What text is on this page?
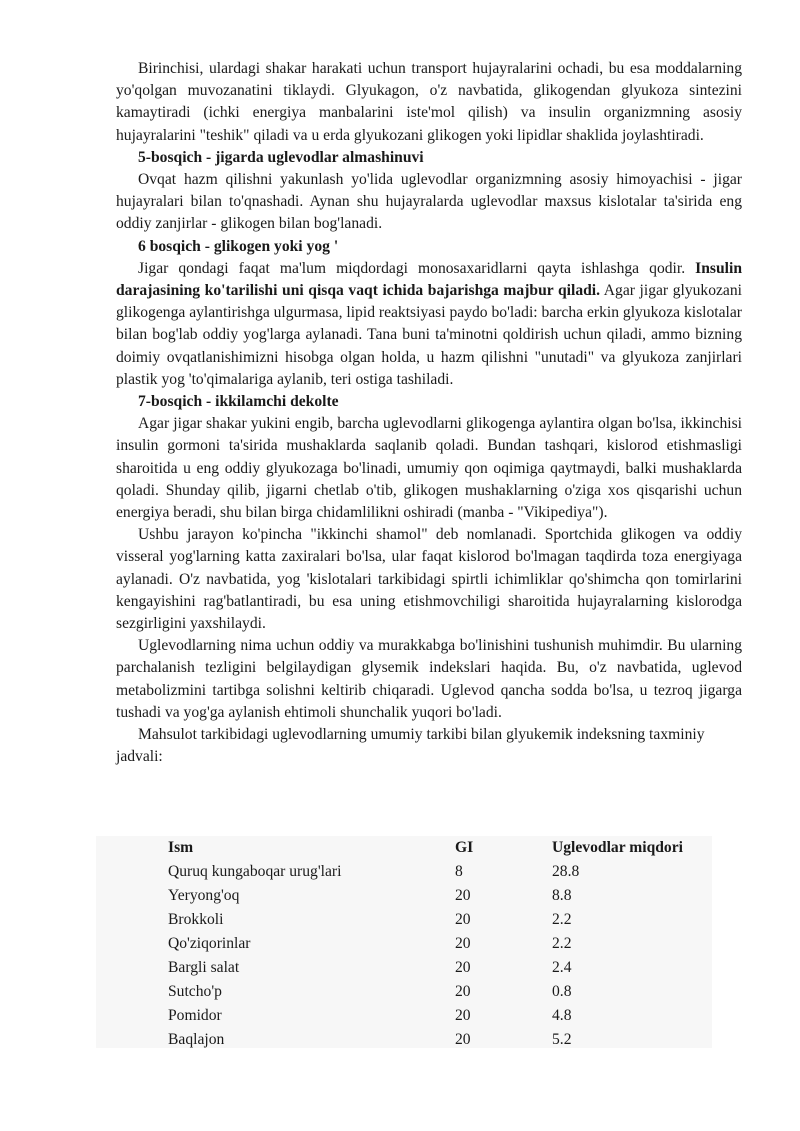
Birinchisi, ulardagi shakar harakati uchun transport hujayralarini ochadi, bu esa moddalarning yo'qolgan muvozanatini tiklaydi. Glyukagon, o'z navbatida, glikogendan glyukoza sintezini kamaytiradi (ichki energiya manbalarini iste'mol qilish) va insulin organizmning asosiy hujayralarini "teshik" qiladi va u erda glyukozani glikogen yoki lipidlar shaklida joylashtiradi.

5-bosqich - jigarda uglevodlar almashinuvi

Ovqat hazm qilishni yakunlash yo'lida uglevodlar organizmning asosiy himoyachisi - jigar hujayralari bilan to'qnashadi. Aynan shu hujayralarda uglevodlar maxsus kislotalar ta'sirida eng oddiy zanjirlar - glikogen bilan bog'lanadi.

6 bosqich - glikogen yoki yog '

Jigar qondagi faqat ma'lum miqdordagi monosaxaridlarni qayta ishlashga qodir. Insulin darajasining ko'tarilishi uni qisqa vaqt ichida bajarishga majbur qiladi. Agar jigar glyukozani glikogenga aylantirishga ulgurmasa, lipid reaktsiyasi paydo bo'ladi: barcha erkin glyukoza kislotalar bilan bog'lab oddiy yog'larga aylanadi. Tana buni ta'minotni qoldirish uchun qiladi, ammo bizning doimiy ovqatlanishimizni hisobga olgan holda, u hazm qilishni "unutadi" va glyukoza zanjirlari plastik yog 'to'qimalariga aylanib, teri ostiga tashiladi.

7-bosqich - ikkilamchi dekolte

Agar jigar shakar yukini engib, barcha uglevodlarni glikogenga aylantira olgan bo'lsa, ikkinchisi insulin gormoni ta'sirida mushaklarda saqlanib qoladi. Bundan tashqari, kislorod etishmasligi sharoitida u eng oddiy glyukozaga bo'linadi, umumiy qon oqimiga qaytmaydi, balki mushaklarda qoladi. Shunday qilib, jigarni chetlab o'tib, glikogen mushaklarning o'ziga xos qisqarishi uchun energiya beradi, shu bilan birga chidamlilikni oshiradi (manba - "Vikipediya").

Ushbu jarayon ko'pincha "ikkinchi shamol" deb nomlanadi. Sportchida glikogen va oddiy visseral yog'larning katta zaxiralari bo'lsa, ular faqat kislorod bo'lmagan taqdirda toza energiyaga aylanadi. O'z navbatida, yog 'kislotalari tarkibidagi spirtli ichimliklar qo'shimcha qon tomirlarini kengayishini rag'batlantiradi, bu esa uning etishmovchiligi sharoitida hujayralarning kislorodga sezgirligini yaxshilaydi.

Uglevodlarning nima uchun oddiy va murakkabga bo'linishini tushunish muhimdir. Bu ularning parchalanish tezligini belgilaydigan glysemik indekslari haqida. Bu, o'z navbatida, uglevod metabolizmini tartibga solishni keltirib chiqaradi. Uglevod qancha sodda bo'lsa, u tezroq jigarga tushadi va yog'ga aylanish ehtimoli shunchalik yuqori bo'ladi.

Mahsulot tarkibidagi uglevodlarning umumiy tarkibi bilan glyukemik indeksning taxminiy jadvali:

Ism	GI	Uglevodlar miqdori
Quruq kungaboqar urug'lari	8	28.8
Yeryong'oq	20	8.8
Brokkoli	20	2.2
Qo'ziqorinlar	20	2.2
Bargli salat	20	2.4
Sutcho'p	20	0.8
Pomidor	20	4.8
Baqlajon	20	5.2
